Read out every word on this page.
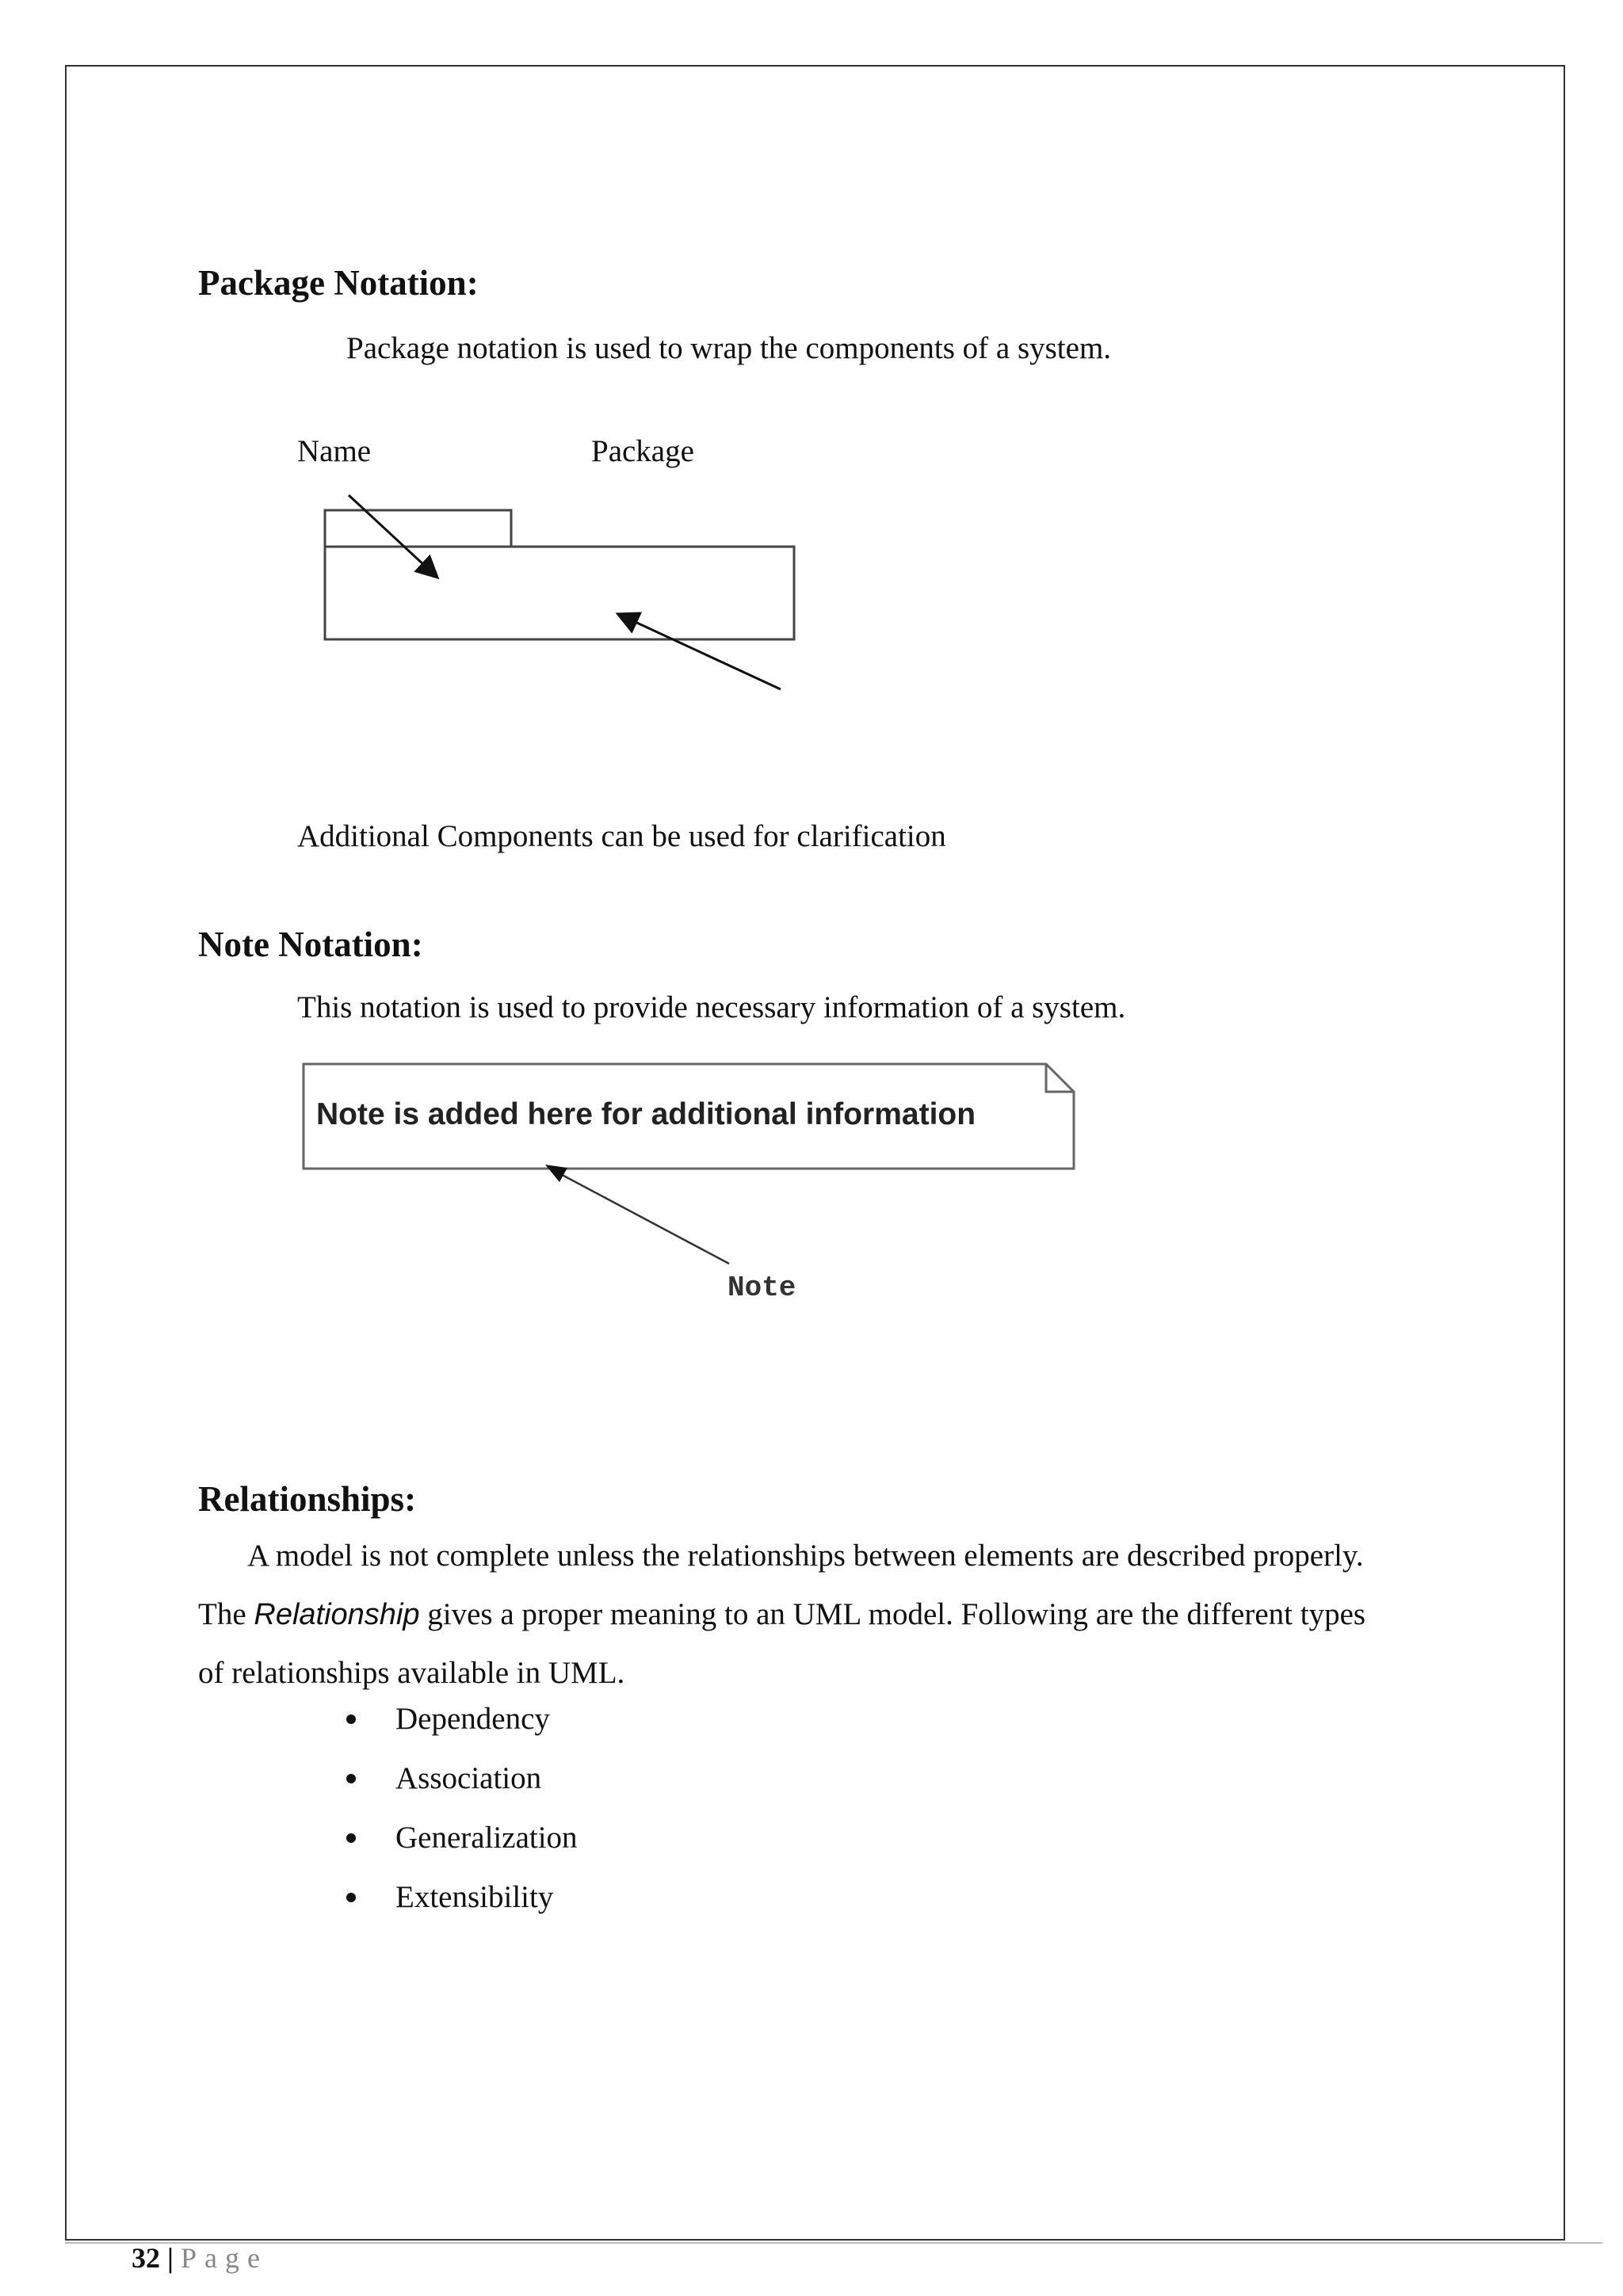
Package Notation:
Package notation is used to wrap the components of a system.
Name	Package
Additional Components can be used for clarification
Note Notation:
This notation is used to provide necessary information of a system.
Note is added here for additional information
Note
Relationships:
A model is not complete unless the relationships between elements are described properly.
The Relationship gives a proper meaning to an UML model. Following are the different types
of relationships available in UML.
Dependency
Association
Generalization
Extensibility
32 | Page
